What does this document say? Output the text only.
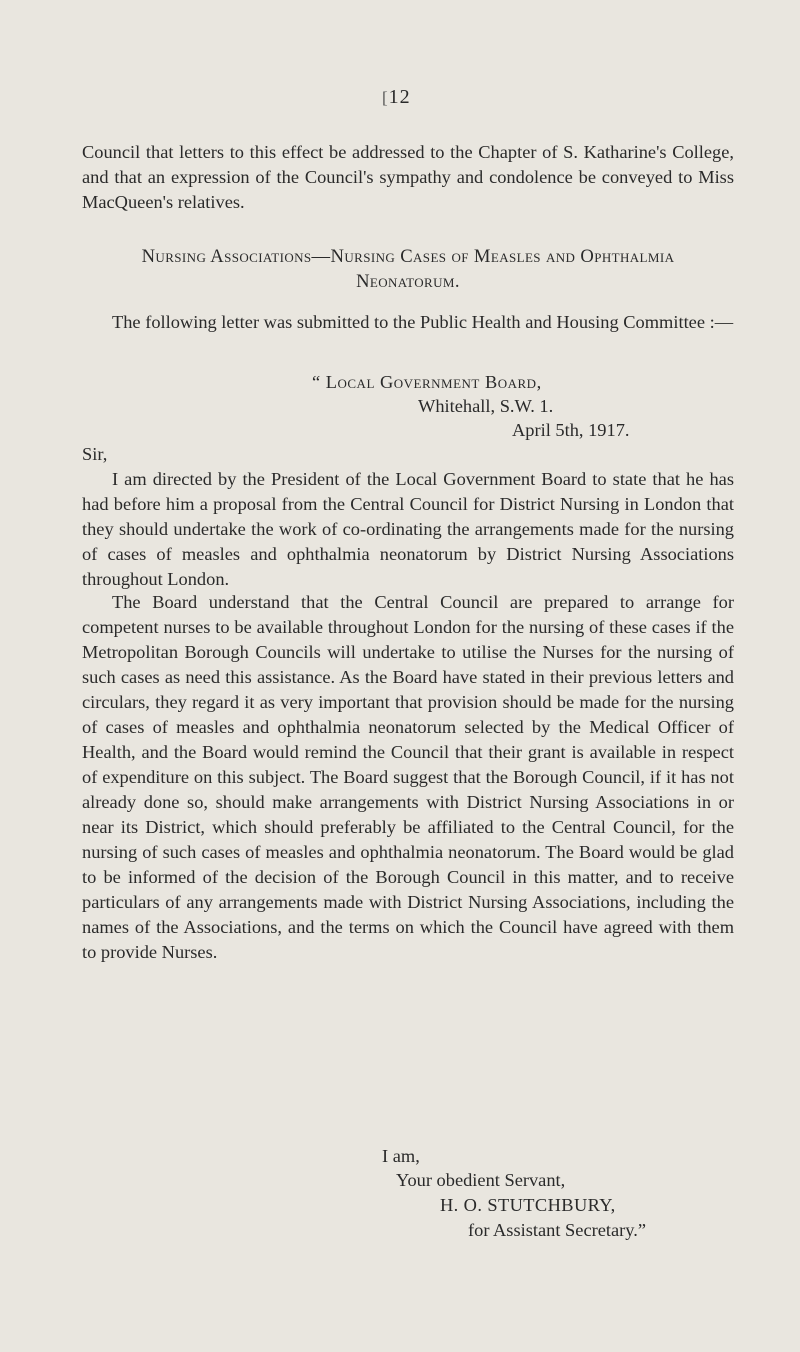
[12

Council that letters to this effect be addressed to the Chapter of S. Katharine's College, and that an expression of the Council's sympathy and condolence be conveyed to Miss MacQueen's relatives.

Nursing Associations—Nursing Cases of Measles and Ophthalmia
Neonatorum.

The following letter was submitted to the Public Health and Housing Committee :—

“ Local Government Board,
Whitehall, S.W. 1.
April 5th, 1917.

Sir,

I am directed by the President of the Local Government Board to state that he has had before him a proposal from the Central Council for District Nursing in London that they should undertake the work of co-ordinating the arrangements made for the nursing of cases of measles and ophthalmia neonatorum by District Nursing Associations throughout London.

The Board understand that the Central Council are prepared to arrange for competent nurses to be available throughout London for the nursing of these cases if the Metropolitan Borough Councils will undertake to utilise the Nurses for the nursing of such cases as need this assistance. As the Board have stated in their previous letters and circulars, they regard it as very important that provision should be made for the nursing of cases of measles and ophthalmia neonatorum selected by the Medical Officer of Health, and the Board would remind the Council that their grant is available in respect of expenditure on this subject. The Board suggest that the Borough Council, if it has not already done so, should make arrangements with District Nursing Associations in or near its District, which should preferably be affiliated to the Central Council, for the nursing of such cases of measles and ophthalmia neonatorum. The Board would be glad to be informed of the decision of the Borough Council in this matter, and to receive particulars of any arrangements made with District Nursing Associations, including the names of the Associations, and the terms on which the Council have agreed with them to provide Nurses.

I am,
Your obedient Servant,
H. O. STUTCHBURY,
for Assistant Secretary.”
